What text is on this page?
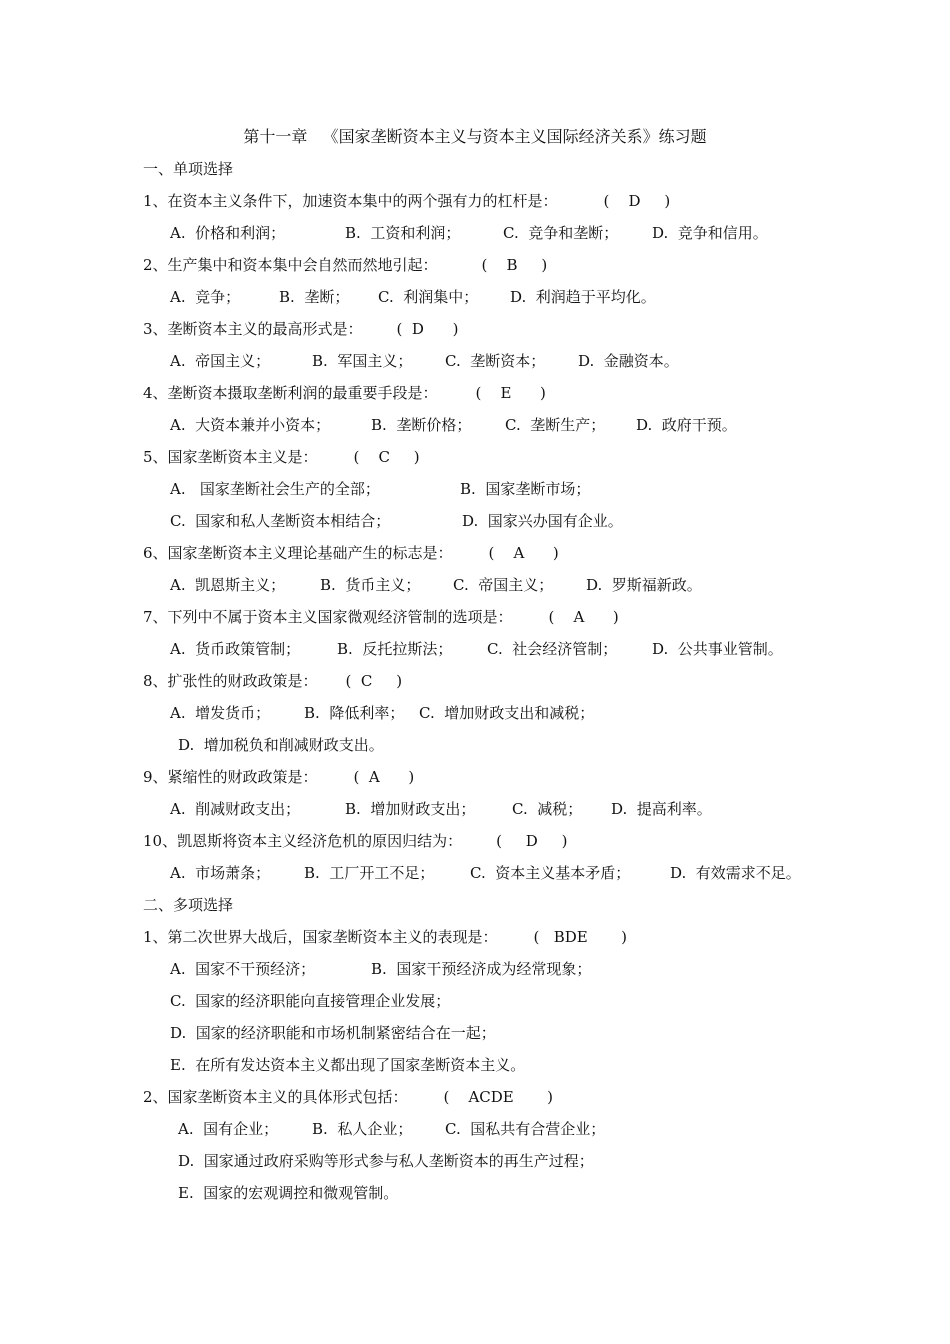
第十一章   《国家垄断资本主义与资本主义国际经济关系》练习题
一、单项选择
1、在资本主义条件下，加速资本集中的两个强有力的杠杆是：	(    D     )
A.  价格和利润；	B.  工资和利润；	C.  竞争和垄断； D.  竞争和信用。
2、生产集中和资本集中会自然而然地引起：	(    B     )
A.  竞争；	B.  垄断； C.  利润集中； D.  利润趋于平均化。
3、垄断资本主义的最高形式是： (  D      )
A.  帝国主义；	B.  军国主义； C.  垄断资本； D.  金融资本。
4、垄断资本摄取垄断利润的最重要手段是：	(    E      )
A.  大资本兼并小资本；	B.  垄断价格； C.  垄断生产； D.  政府干预。
5、国家垄断资本主义是： (    C     )
A.   国家垄断社会生产的全部；	B.  国家垄断市场；
C.  国家和私人垄断资本相结合；	D.  国家兴办国有企业。
6、国家垄断资本主义理论基础产生的标志是： (    A      )
A.  凯恩斯主义； B.  货币主义； C.  帝国主义； D.  罗斯福新政。
7、下列中不属于资本主义国家微观经济管制的选项是： (    A      )
A.  货币政策管制； B.  反托拉斯法； C.  社会经济管制； D.  公共事业管制。
8、扩张性的财政政策是： (  C     )
A.  增发货币； B.  降低利率； C.  增加财政支出和减税；
D.  增加税负和削减财政支出。
9、紧缩性的财政政策是： (  A      )
A.  削减财政支出；	B.  增加财政支出； C.  减税； D.  提高利率。
10、凯恩斯将资本主义经济危机的原因归结为： (     D     )
A.  市场萧条； B.  工厂开工不足； C.  资本主义基本矛盾；	D.  有效需求不足。
二、多项选择
1、第二次世界大战后，国家垄断资本主义的表现是： (   BDE       )
A.  国家不干预经济；	B.  国家干预经济成为经常现象；
C.  国家的经济职能向直接管理企业发展；
D.  国家的经济职能和市场机制紧密结合在一起；
E.  在所有发达资本主义都出现了国家垄断资本主义。
2、国家垄断资本主义的具体形式包括： (    ACDE       )
A.  国有企业； B.  私人企业； C.  国私共有合营企业；
D.  国家通过政府采购等形式参与私人垄断资本的再生产过程；
E.  国家的宏观调控和微观管制。
